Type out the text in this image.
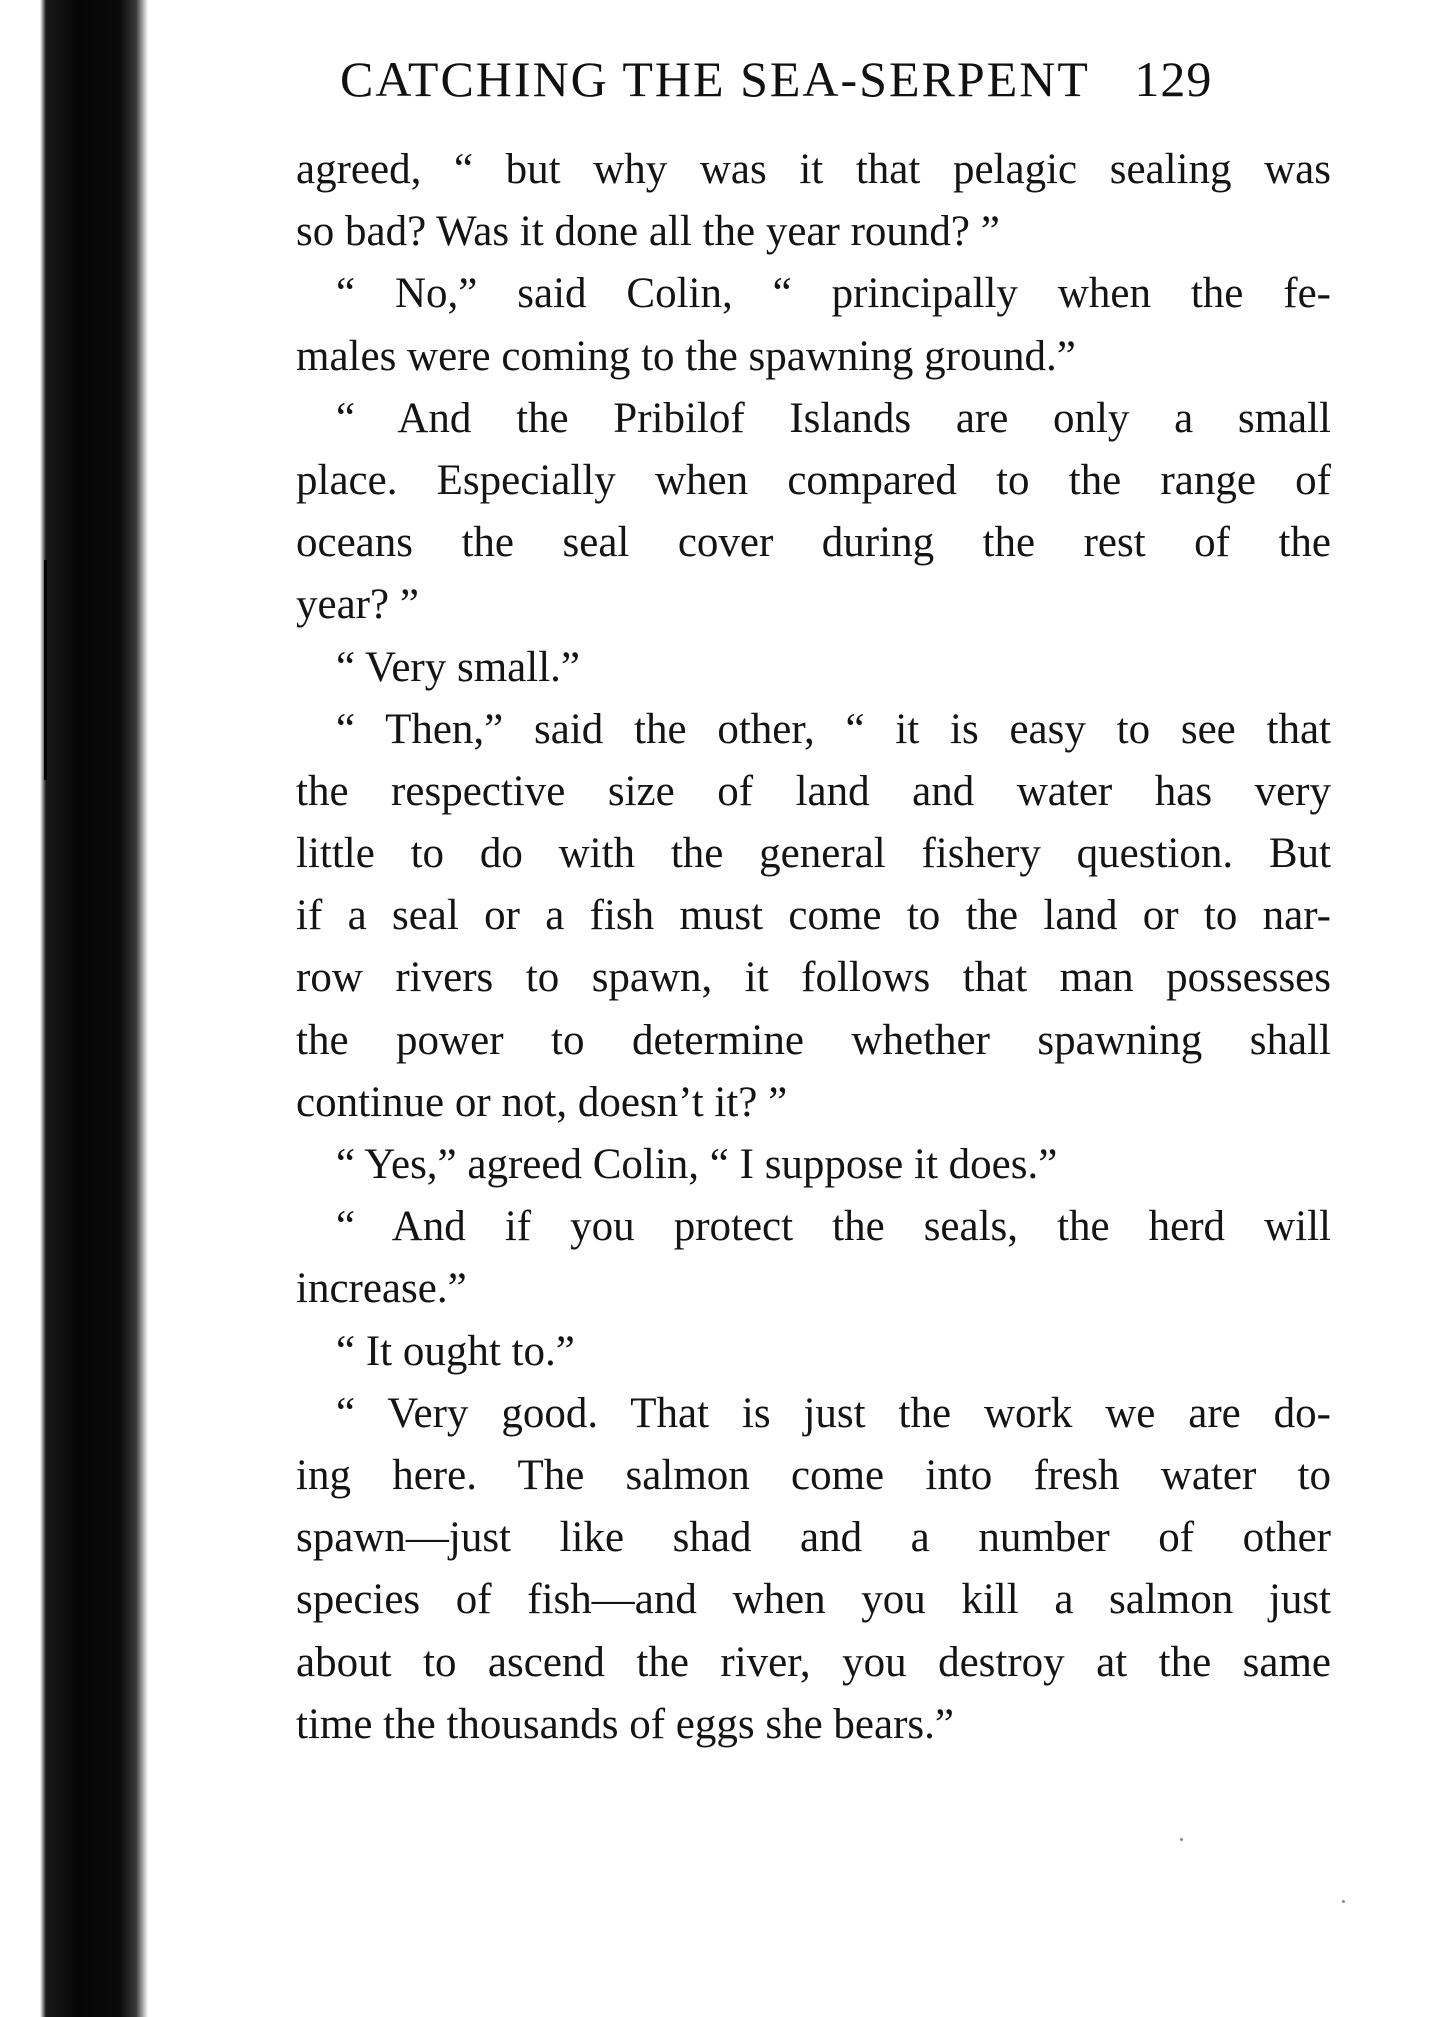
CATCHING THE SEA-SERPENT 129
agreed, “ but why was it that pelagic sealing was
so bad? Was it done all the year round? ”
“ No,” said Colin, “ principally when the fe-
males were coming to the spawning ground.”
“ And the Pribilof Islands are only a small
place. Especially when compared to the range of
oceans the seal cover during the rest of the
year? ”
“ Very small.”
“ Then,” said the other, “ it is easy to see that
the respective size of land and water has very
little to do with the general fishery question. But
if a seal or a fish must come to the land or to nar-
row rivers to spawn, it follows that man possesses
the power to determine whether spawning shall
continue or not, doesn’t it? ”
“ Yes,” agreed Colin, “ I suppose it does.”
“ And if you protect the seals, the herd will
increase.”
“ It ought to.”
“ Very good. That is just the work we are do-
ing here. The salmon come into fresh water to
spawn—just like shad and a number of other
species of fish—and when you kill a salmon just
about to ascend the river, you destroy at the same
time the thousands of eggs she bears.”
